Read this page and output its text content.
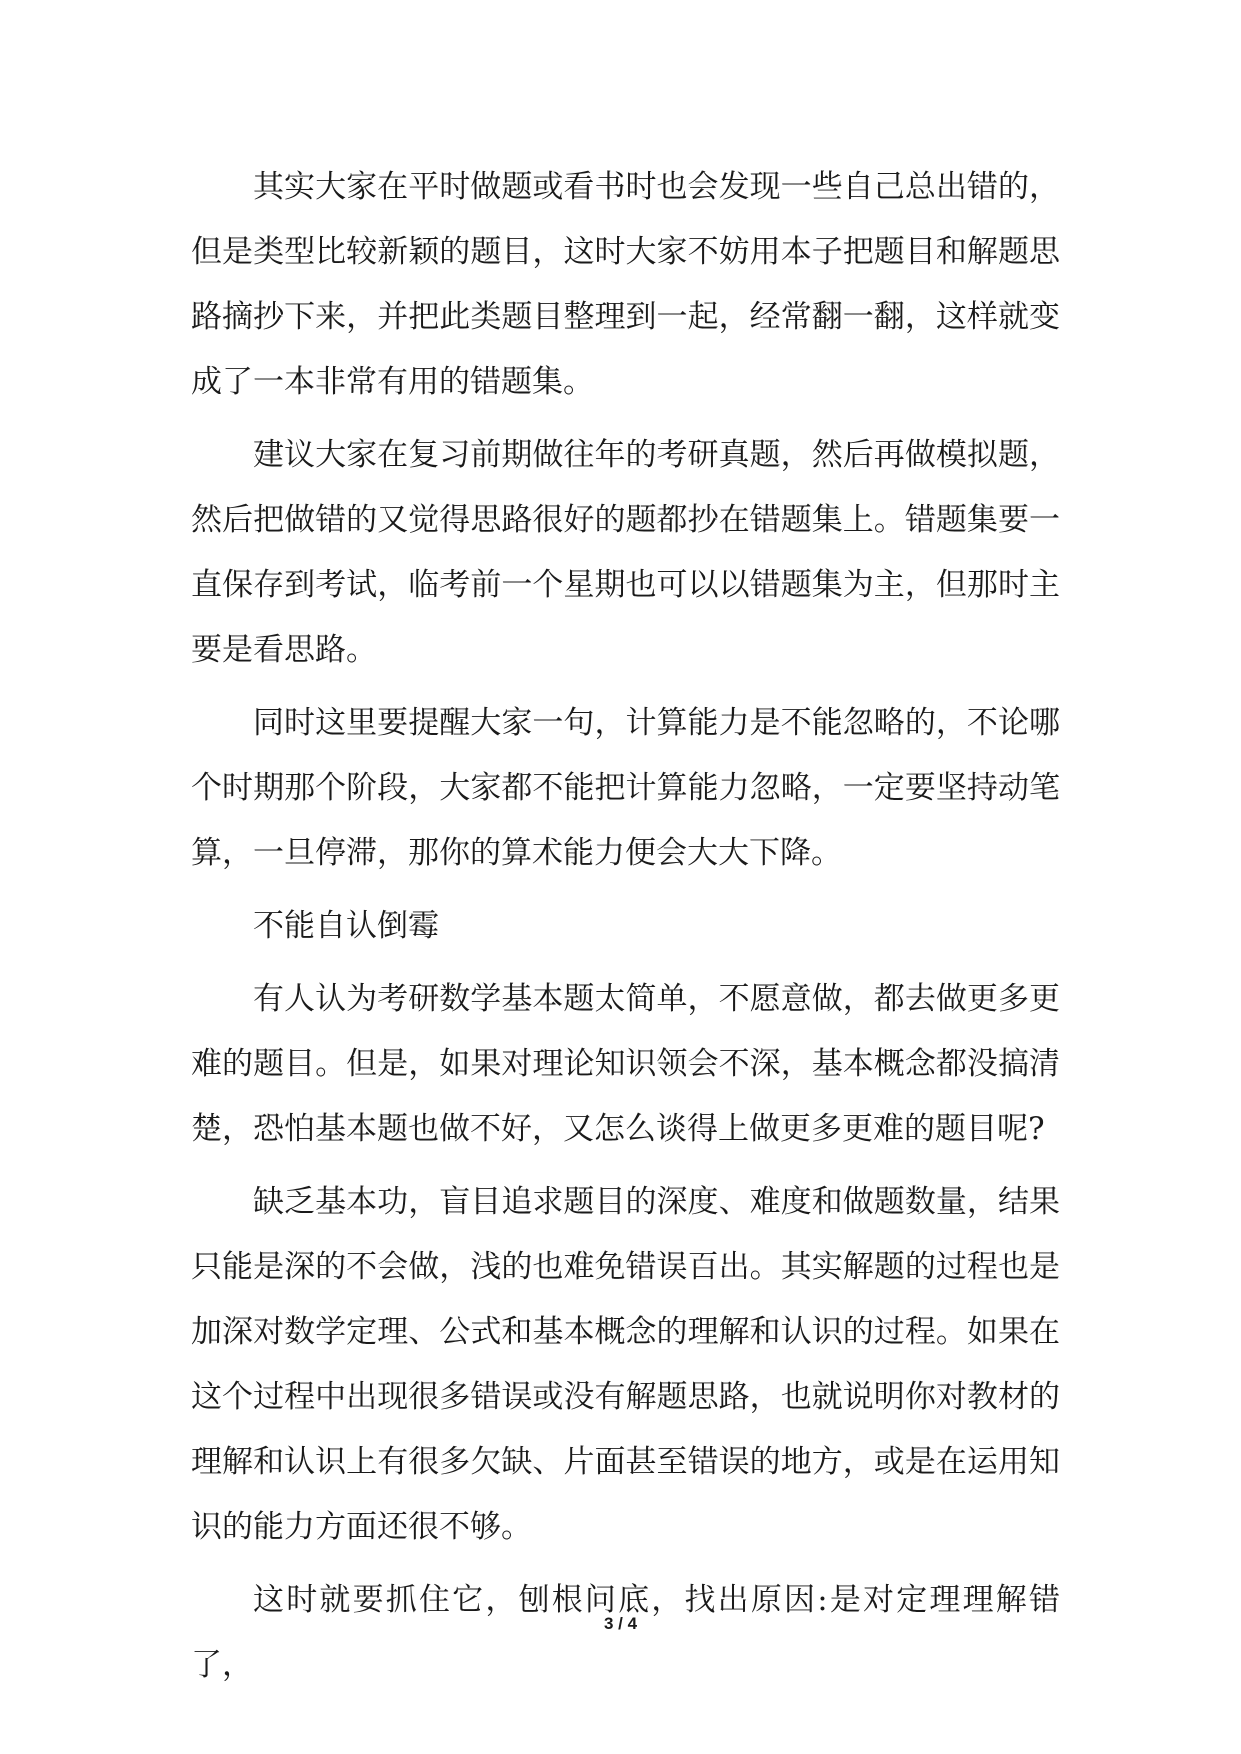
其实大家在平时做题或看书时也会发现一些自己总出错的，但是类型比较新颖的题目，这时大家不妨用本子把题目和解题思路摘抄下来，并把此类题目整理到一起，经常翻一翻，这样就变成了一本非常有用的错题集。

建议大家在复习前期做往年的考研真题，然后再做模拟题，然后把做错的又觉得思路很好的题都抄在错题集上。错题集要一直保存到考试，临考前一个星期也可以以错题集为主，但那时主要是看思路。

同时这里要提醒大家一句，计算能力是不能忽略的，不论哪个时期那个阶段，大家都不能把计算能力忽略，一定要坚持动笔算，一旦停滞，那你的算术能力便会大大下降。

不能自认倒霉

有人认为考研数学基本题太简单，不愿意做，都去做更多更难的题目。但是，如果对理论知识领会不深，基本概念都没搞清楚，恐怕基本题也做不好，又怎么谈得上做更多更难的题目呢?

缺乏基本功，盲目追求题目的深度、难度和做题数量，结果只能是深的不会做，浅的也难免错误百出。其实解题的过程也是加深对数学定理、公式和基本概念的理解和认识的过程。如果在这个过程中出现很多错误或没有解题思路，也就说明你对教材的理解和认识上有很多欠缺、片面甚至错误的地方，或是在运用知识的能力方面还很不够。

这时就要抓住它，刨根问底，找出原因:是对定理理解错了，

3 / 4
